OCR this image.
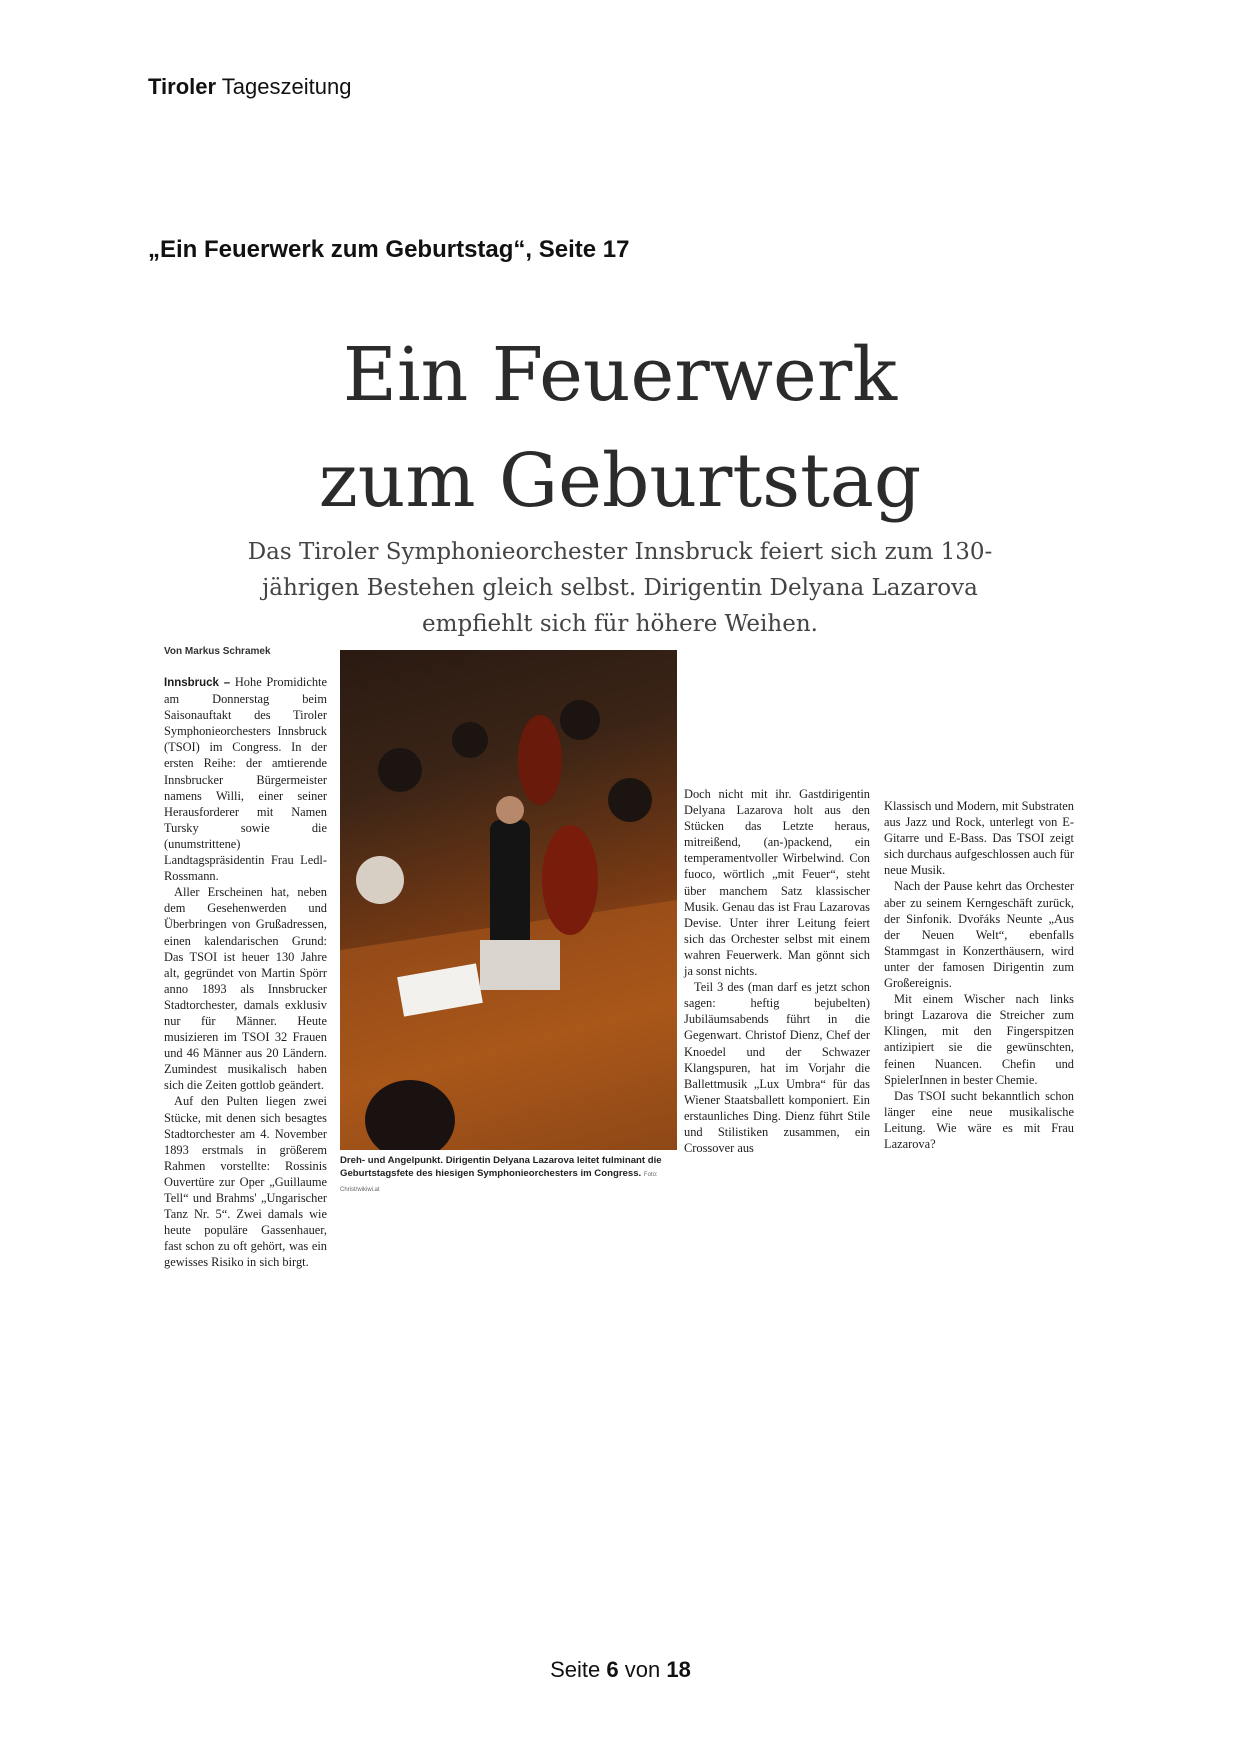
Tiroler Tageszeitung
„Ein Feuerwerk zum Geburtstag“, Seite 17
Ein Feuerwerk
zum Geburtstag
Das Tiroler Symphonieorchester Innsbruck feiert sich zum 130-jährigen Bestehen gleich selbst. Dirigentin Delyana Lazarova empfiehlt sich für höhere Weihen.
Von Markus Schramek

Innsbruck – Hohe Promidichte am Donnerstag beim Saisonauftakt des Tiroler Symphonieorchesters Innsbruck (TSOI) im Congress. In der ersten Reihe: der amtierende Innsbrucker Bürgermeister namens Willi, einer seiner Herausforderer mit Namen Tursky sowie die (unumstrittene) Landtagspräsidentin Frau Ledl-Rossmann.

Aller Erscheinen hat, neben dem Gesehenwerden und Überbringen von Grußadressen, einen kalendarischen Grund: Das TSOI ist heuer 130 Jahre alt, gegründet von Martin Spörr anno 1893 als Innsbrucker Stadtorchester, damals exklusiv nur für Männer. Heute musizieren im TSOI 32 Frauen und 46 Männer aus 20 Ländern. Zumindest musikalisch haben sich die Zeiten gottlob geändert.

Auf den Pulten liegen zwei Stücke, mit denen sich besagtes Stadtorchester am 4. November 1893 erstmals in größerem Rahmen vorstellte: Rossinis Ouvertüre zur Oper „Guillaume Tell“ und Brahms' „Ungarischer Tanz Nr. 5“. Zwei damals wie heute populäre Gassenhauer, fast schon zu oft gehört, was ein gewisses Risiko in sich birgt.

Dreh- und Angelpunkt. Dirigentin Delyana Lazarova leitet fulminant die Geburtstagsfete des hiesigen Symphonieorchesters im Congress. Foto: Christ/wikiwi.at

Doch nicht mit ihr. Gastdirigentin Delyana Lazarova holt aus den Stücken das Letzte heraus, mitreißend, (an-)packend, ein temperamentvoller Wirbelwind. Con fuoco, wörtlich „mit Feuer“, steht über manchem Satz klassischer Musik. Genau das ist Frau Lazarovas Devise. Unter ihrer Leitung feiert sich das Orchester selbst mit einem wahren Feuerwerk. Man gönnt sich ja sonst nichts.

Teil 3 des (man darf es jetzt schon sagen: heftig bejubelten) Jubiläumsabends führt in die Gegenwart. Christof Dienz, Chef der Knoedel und der Schwazer Klangspuren, hat im Vorjahr die Ballettmusik „Lux Umbra“ für das Wiener Staatsballett komponiert. Ein erstaunliches Ding. Dienz führt Stile und Stilistiken zusammen, ein Crossover aus

Klassisch und Modern, mit Substraten aus Jazz und Rock, unterlegt von E-Gitarre und E-Bass. Das TSOI zeigt sich durchaus aufgeschlossen auch für neue Musik.

Nach der Pause kehrt das Orchester aber zu seinem Kerngeschäft zurück, der Sinfonik. Dvořáks Neunte „Aus der Neuen Welt“, ebenfalls Stammgast in Konzerthäusern, wird unter der famosen Dirigentin zum Großereignis.

Mit einem Wischer nach links bringt Lazarova die Streicher zum Klingen, mit den Fingerspitzen antizipiert sie die gewünschten, feinen Nuancen. Chefin und SpielerInnen in bester Chemie.

Das TSOI sucht bekanntlich schon länger eine neue musikalische Leitung. Wie wäre es mit Frau Lazarova?

Seite 6 von 18
